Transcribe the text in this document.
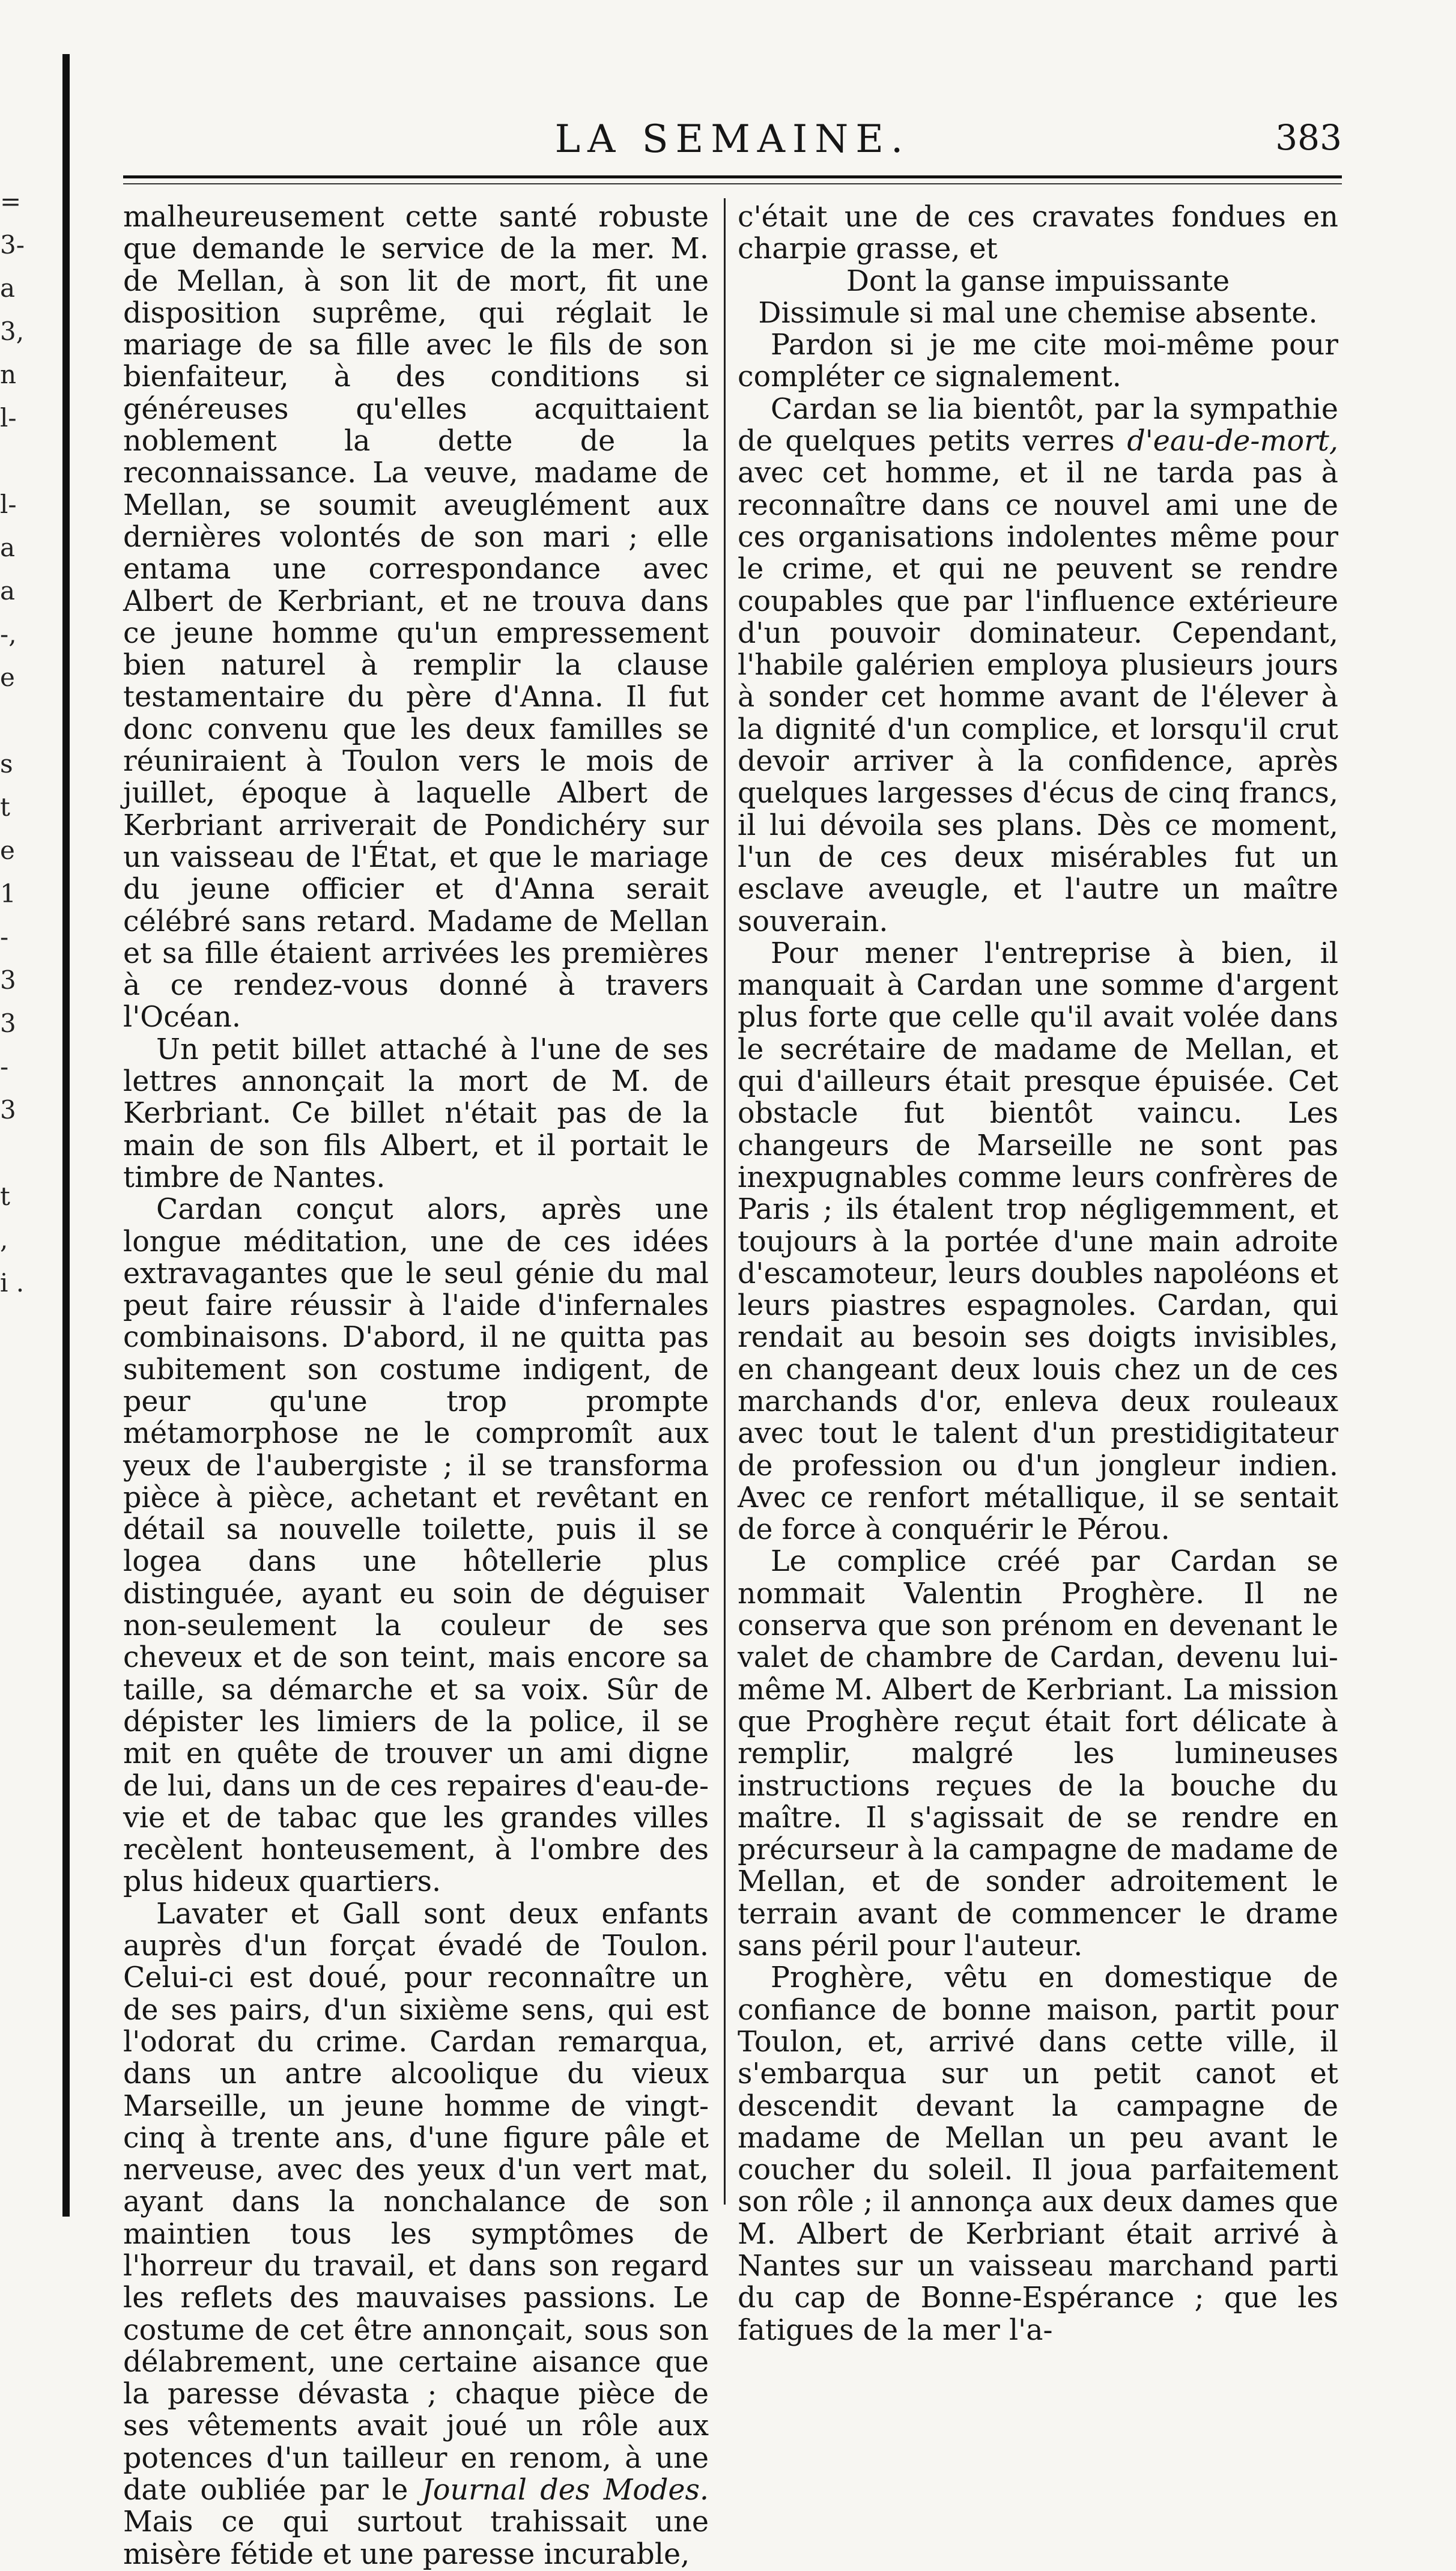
=
3-
a
3,
n
l-

l-
a
a
-,
e

s
t
e
1
-
3
3
-
3

t
,
i .
LA SEMAINE.	383

malheureusement cette santé robuste que demande le service de la mer. M. de Mellan, à son lit de mort, fit une disposition suprême, qui réglait le mariage de sa fille avec le fils de son bienfaiteur, à des conditions si généreuses qu'elles acquittaient noblement la dette de la reconnaissance. La veuve, madame de Mellan, se soumit aveuglément aux dernières volontés de son mari ; elle entama une correspondance avec Albert de Kerbriant, et ne trouva dans ce jeune homme qu'un empressement bien naturel à remplir la clause testamentaire du père d'Anna. Il fut donc convenu que les deux familles se réuniraient à Toulon vers le mois de juillet, époque à laquelle Albert de Kerbriant arriverait de Pondichéry sur un vaisseau de l'État, et que le mariage du jeune officier et d'Anna serait célébré sans retard. Madame de Mellan et sa fille étaient arrivées les premières à ce rendez-vous donné à travers l'Océan.

Un petit billet attaché à l'une de ses lettres annonçait la mort de M. de Kerbriant. Ce billet n'était pas de la main de son fils Albert, et il portait le timbre de Nantes.

Cardan conçut alors, après une longue méditation, une de ces idées extravagantes que le seul génie du mal peut faire réussir à l'aide d'infernales combinaisons. D'abord, il ne quitta pas subitement son costume indigent, de peur qu'une trop prompte métamorphose ne le compromît aux yeux de l'aubergiste ; il se transforma pièce à pièce, achetant et revêtant en détail sa nouvelle toilette, puis il se logea dans une hôtellerie plus distinguée, ayant eu soin de déguiser non-seulement la couleur de ses cheveux et de son teint, mais encore sa taille, sa démarche et sa voix. Sûr de dépister les limiers de la police, il se mit en quête de trouver un ami digne de lui, dans un de ces repaires d'eau-de-vie et de tabac que les grandes villes recèlent honteusement, à l'ombre des plus hideux quartiers.

Lavater et Gall sont deux enfants auprès d'un forçat évadé de Toulon. Celui-ci est doué, pour reconnaître un de ses pairs, d'un sixième sens, qui est l'odorat du crime. Cardan remarqua, dans un antre alcoolique du vieux Marseille, un jeune homme de vingt-cinq à trente ans, d'une figure pâle et nerveuse, avec des yeux d'un vert mat, ayant dans la nonchalance de son maintien tous les symptômes de l'horreur du travail, et dans son regard les reflets des mauvaises passions. Le costume de cet être annonçait, sous son délabrement, une certaine aisance que la paresse dévasta ; chaque pièce de ses vêtements avait joué un rôle aux potences d'un tailleur en renom, à une date oubliée par le Journal des Modes. Mais ce qui surtout trahissait une misère fétide et une paresse incurable,

c'était une de ces cravates fondues en charpie grasse, et

Dont la ganse impuissante
Dissimule si mal une chemise absente.

Pardon si je me cite moi-même pour compléter ce signalement.

Cardan se lia bientôt, par la sympathie de quelques petits verres d'eau-de-mort, avec cet homme, et il ne tarda pas à reconnaître dans ce nouvel ami une de ces organisations indolentes même pour le crime, et qui ne peuvent se rendre coupables que par l'influence extérieure d'un pouvoir dominateur. Cependant, l'habile galérien employa plusieurs jours à sonder cet homme avant de l'élever à la dignité d'un complice, et lorsqu'il crut devoir arriver à la confidence, après quelques largesses d'écus de cinq francs, il lui dévoila ses plans. Dès ce moment, l'un de ces deux misérables fut un esclave aveugle, et l'autre un maître souverain.

Pour mener l'entreprise à bien, il manquait à Cardan une somme d'argent plus forte que celle qu'il avait volée dans le secrétaire de madame de Mellan, et qui d'ailleurs était presque épuisée. Cet obstacle fut bientôt vaincu. Les changeurs de Marseille ne sont pas inexpugnables comme leurs confrères de Paris ; ils étalent trop négligemment, et toujours à la portée d'une main adroite d'escamoteur, leurs doubles napoléons et leurs piastres espagnoles. Cardan, qui rendait au besoin ses doigts invisibles, en changeant deux louis chez un de ces marchands d'or, enleva deux rouleaux avec tout le talent d'un prestidigitateur de profession ou d'un jongleur indien. Avec ce renfort métallique, il se sentait de force à conquérir le Pérou.

Le complice créé par Cardan se nommait Valentin Proghère. Il ne conserva que son prénom en devenant le valet de chambre de Cardan, devenu lui-même M. Albert de Kerbriant. La mission que Proghère reçut était fort délicate à remplir, malgré les lumineuses instructions reçues de la bouche du maître. Il s'agissait de se rendre en précurseur à la campagne de madame de Mellan, et de sonder adroitement le terrain avant de commencer le drame sans péril pour l'auteur.

Proghère, vêtu en domestique de confiance de bonne maison, partit pour Toulon, et, arrivé dans cette ville, il s'embarqua sur un petit canot et descendit devant la campagne de madame de Mellan un peu avant le coucher du soleil. Il joua parfaitement son rôle ; il annonça aux deux dames que M. Albert de Kerbriant était arrivé à Nantes sur un vaisseau marchand parti du cap de Bonne-Espérance ; que les fatigues de la mer l'a-
